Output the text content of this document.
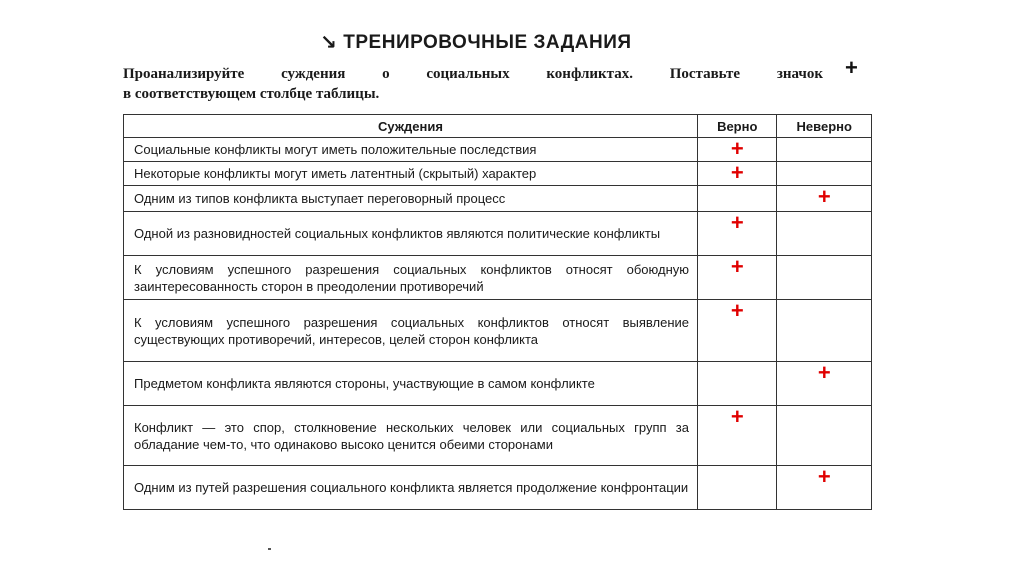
↘ ТРЕНИРОВОЧНЫЕ ЗАДАНИЯ
Проанализируйте суждения о социальных конфликтах. Поставьте значок

в соответствующем столбце таблицы.
+
Суждения	Верно	Неверно
Социальные конфликты могут иметь положительные последствия	+	
Некоторые конфликты могут иметь латентный (скрытый) характер	+	
Одним из типов конфликта выступает переговорный процесс		+
Одной из разновидностей социальных конфликтов являются политические конфликты	+	
К условиям успешного разрешения социальных конфликтов относят обоюдную заинтересованность сторон в преодолении противоречий	+	
К условиям успешного разрешения социальных конфликтов относят выявление существующих противоречий, интересов, целей сторон конфликта	+	
Предметом конфликта являются стороны, участвующие в самом конфликте		+
Конфликт — это спор, столкновение нескольких человек или социальных групп за обладание чем-то, что одинаково высоко ценится обеими сторонами	+	
Одним из путей разрешения социального конфликта является продолжение конфронтации		+
